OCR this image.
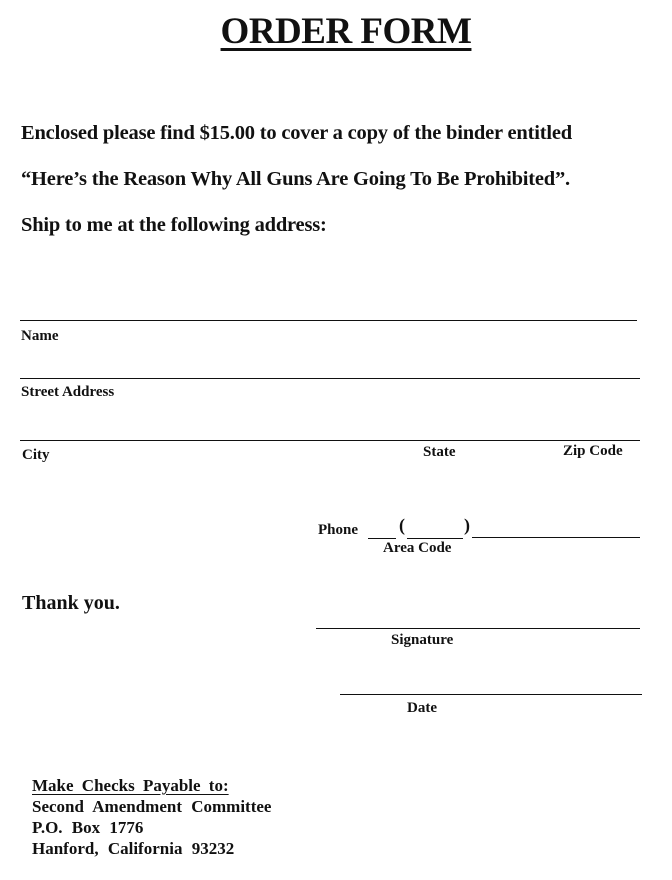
ORDER FORM
Enclosed please find $15.00 to cover a copy of the binder entitled
“Here’s the Reason Why All Guns Are Going To Be Prohibited”.
Ship to me at the following address:
Name
Street Address
City	State	Zip Code
Phone (	)
Area Code
Thank you.
Signature
Date
Make Checks Payable to:
Second Amendment Committee
P.O. Box 1776
Hanford, California 93232
